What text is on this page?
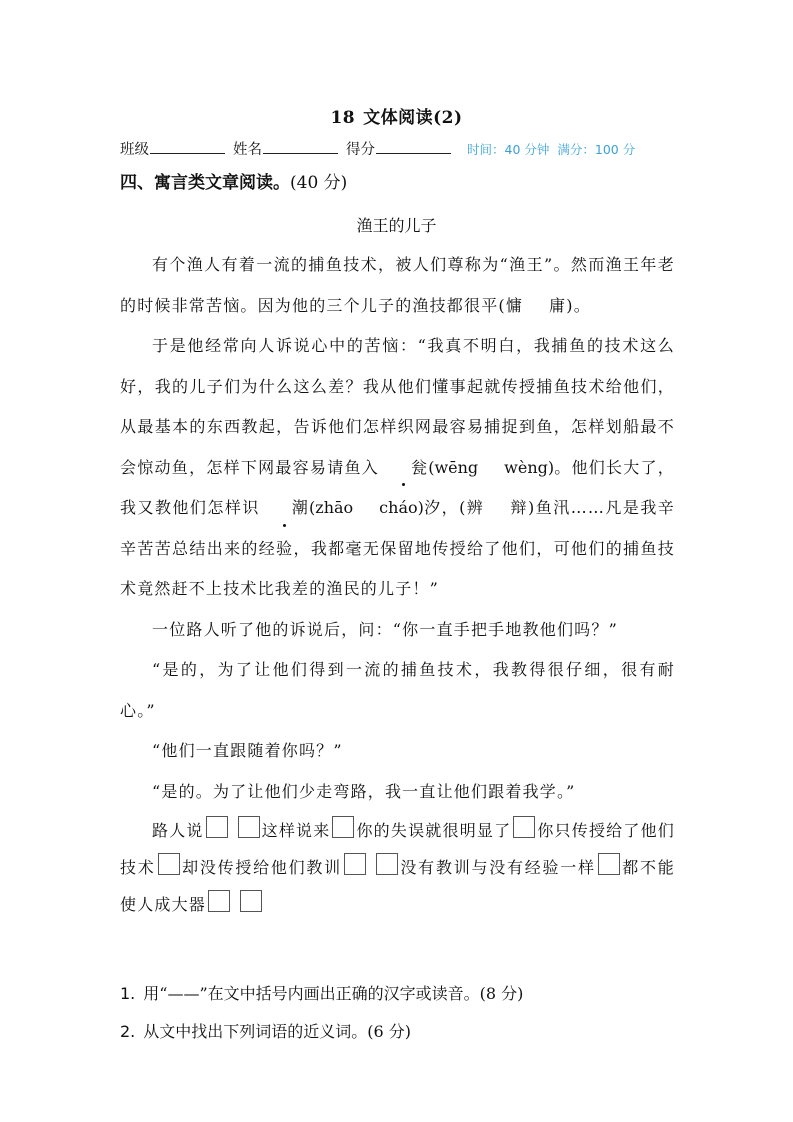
18 文体阅读(2)
班级	姓名	得分	时间：40 分钟 满分：100 分
四、寓言类文章阅读。(40 分)
渔王的儿子

有个渔人有着一流的捕鱼技术，被人们尊称为“渔王”。然而渔王年老的时候非常苦恼。因为他的三个儿子的渔技都很平(慵 庸)。

于是他经常向人诉说心中的苦恼：“我真不明白，我捕鱼的技术这么好，我的儿子们为什么这么差？我从他们懂事起就传授捕鱼技术给他们，从最基本的东西教起，告诉他们怎样织网最容易捕捉到鱼，怎样划船最不会惊动鱼，怎样下网最容易请鱼入 瓮(wēng wèng)。他们长大了，我又教他们怎样识 潮(zhāo cháo)汐，(辨 辩)鱼汛……凡是我辛辛苦苦总结出来的经验，我都毫无保留地传授给了他们，可他们的捕鱼技术竟然赶不上技术比我差的渔民的儿子！”

一位路人听了他的诉说后，问：“你一直手把手地教他们吗？”

“是的，为了让他们得到一流的捕鱼技术，我教得很仔细，很有耐心。”

“他们一直跟随着你吗？”

“是的。为了让他们少走弯路，我一直让他们跟着我学。”

路人说	这样说来 你的失误就很明显了 你只传授给了他们技术 却没传授给他们教训	没有教训与没有经验一样 都不能使人成大器

1. 用“——”在文中括号内画出正确的汉字或读音。(8 分)
2. 从文中找出下列词语的近义词。(6 分)
